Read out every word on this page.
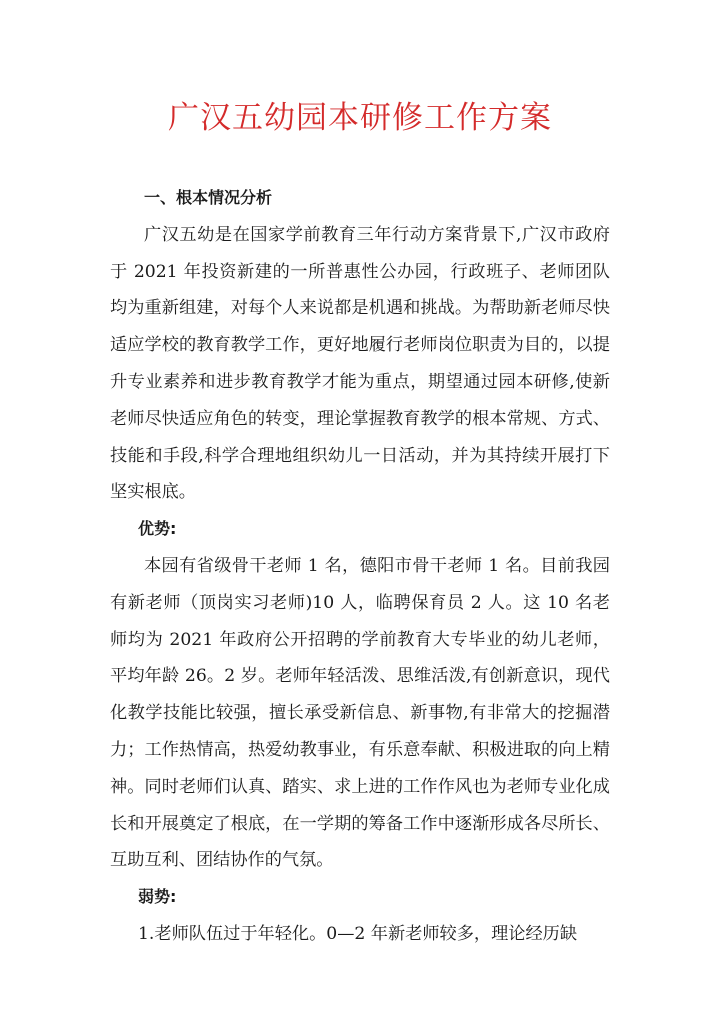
广汉五幼园本研修工作方案

一、根本情况分析

广汉五幼是在国家学前教育三年行动方案背景下,广汉市政府于 2021 年投资新建的一所普惠性公办园，行政班子、老师团队均为重新组建，对每个人来说都是机遇和挑战。为帮助新老师尽快适应学校的教育教学工作，更好地履行老师岗位职责为目的，以提升专业素养和进步教育教学才能为重点，期望通过园本研修,使新老师尽快适应角色的转变，理论掌握教育教学的根本常规、方式、技能和手段,科学合理地组织幼儿一日活动，并为其持续开展打下坚实根底。

优势:

本园有省级骨干老师 1 名，德阳市骨干老师 1 名。目前我园有新老师（顶岗实习老师)10 人，临聘保育员 2 人。这 10 名老师均为 2021 年政府公开招聘的学前教育大专毕业的幼儿老师，平均年龄 26。2 岁。老师年轻活泼、思维活泼,有创新意识，现代化教学技能比较强，擅长承受新信息、新事物,有非常大的挖掘潜力；工作热情高，热爱幼教事业，有乐意奉献、积极进取的向上精神。同时老师们认真、踏实、求上进的工作作风也为老师专业化成长和开展奠定了根底，在一学期的筹备工作中逐渐形成各尽所长、互助互利、团结协作的气氛。

弱势:

1.老师队伍过于年轻化。0—2 年新老师较多，理论经历缺
